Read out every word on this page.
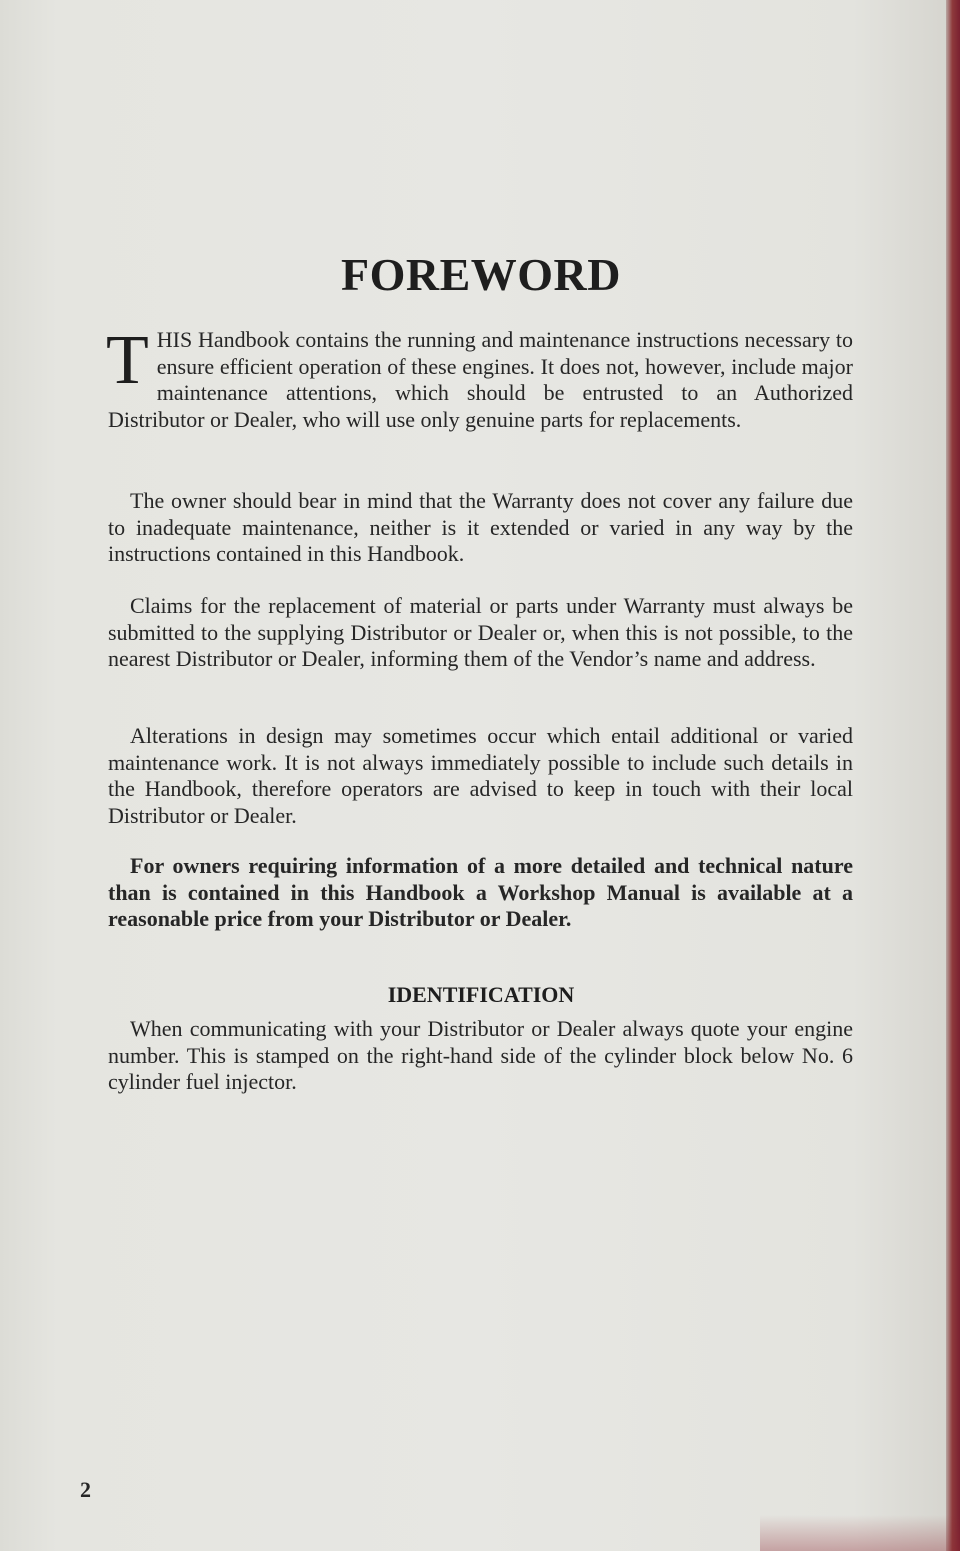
FOREWORD

THIS Handbook contains the running and maintenance instructions necessary to ensure efficient operation of these engines. It does not, however, include major maintenance attentions, which should be entrusted to an Authorized Distributor or Dealer, who will use only genuine parts for replacements.

The owner should bear in mind that the Warranty does not cover any failure due to inadequate maintenance, neither is it extended or varied in any way by the instructions contained in this Handbook.

Claims for the replacement of material or parts under Warranty must always be submitted to the supplying Distributor or Dealer or, when this is not possible, to the nearest Distributor or Dealer, informing them of the Vendor’s name and address.

Alterations in design may sometimes occur which entail additional or varied maintenance work. It is not always immediately possible to include such details in the Handbook, therefore operators are advised to keep in touch with their local Distributor or Dealer.

For owners requiring information of a more detailed and technical nature than is contained in this Handbook a Workshop Manual is available at a reasonable price from your Distributor or Dealer.

IDENTIFICATION

When communicating with your Distributor or Dealer always quote your engine number. This is stamped on the right-hand side of the cylinder block below No. 6 cylinder fuel injector.

2
